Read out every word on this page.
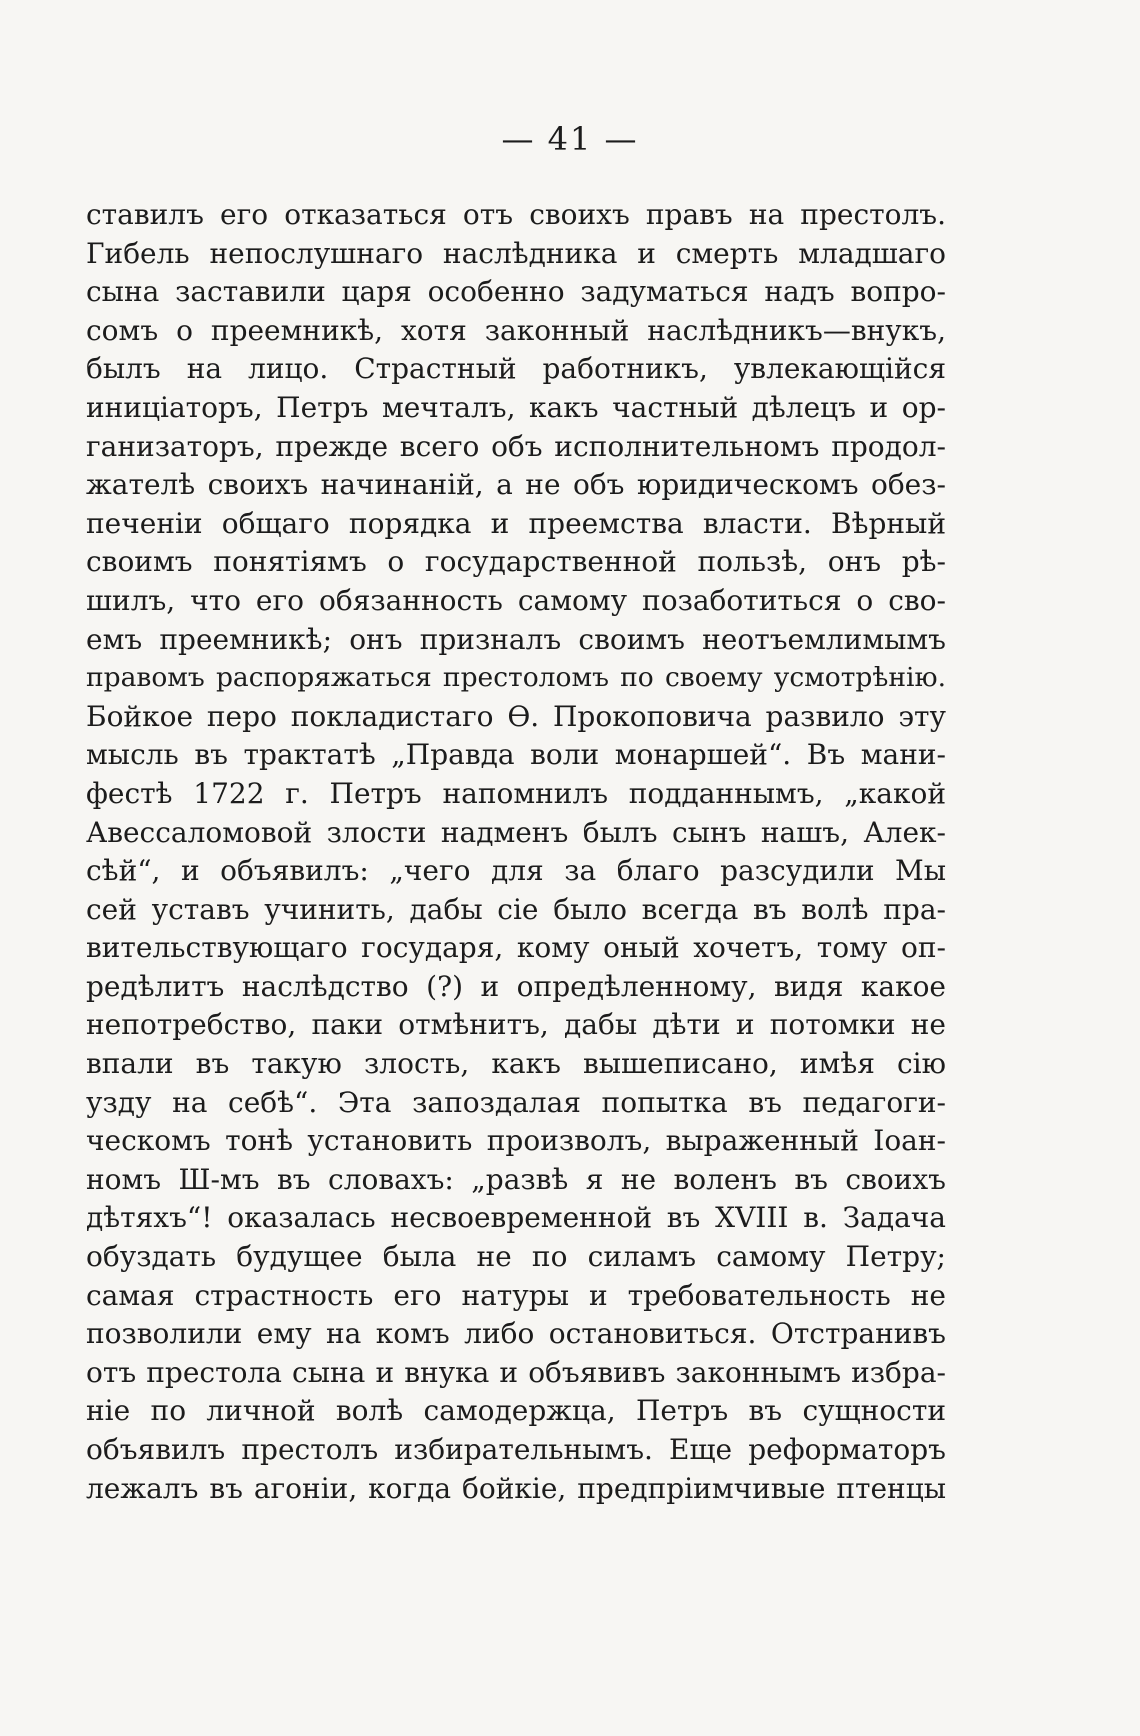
— 41 —
ставилъ его отказаться отъ своихъ правъ на престолъ.
Гибель непослушнаго наслѣдника и смерть младшаго
сына заставили царя особенно задуматься надъ вопро-
сомъ о преемникѣ, хотя законный наслѣдникъ—внукъ,
былъ на лицо. Страстный работникъ, увлекающійся
иниціаторъ, Петръ мечталъ, какъ частный дѣлецъ и ор-
ганизаторъ, прежде всего объ исполнительномъ продол-
жателѣ своихъ начинаній, а не объ юридическомъ обез-
печеніи общаго порядка и преемства власти. Вѣрный
своимъ понятіямъ о государственной пользѣ, онъ рѣ-
шилъ, что его обязанность самому позаботиться о сво-
емъ преемникѣ; онъ призналъ своимъ неотъемлимымъ
правомъ распоряжаться престоломъ по своему усмотрѣнію.
Бойкое перо покладистаго Ѳ. Прокоповича развило эту
мысль въ трактатѣ „Правда воли монаршей“. Въ мани-
фестѣ 1722 г. Петръ напомнилъ подданнымъ, „какой
Авессаломовой злости надменъ былъ сынъ нашъ, Алек-
сѣй“, и объявилъ: „чего для за благо разсудили Мы
сей уставъ учинить, дабы сіе было всегда въ волѣ пра-
вительствующаго государя, кому оный хочетъ, тому оп-
редѣлитъ наслѣдство (?) и опредѣленному, видя какое
непотребство, паки отмѣнитъ, дабы дѣти и потомки не
впали въ такую злость, какъ вышеписано, имѣя сію
узду на себѣ“. Эта запоздалая попытка въ педагоги-
ческомъ тонѣ установить произволъ, выраженный Іоан-
номъ Ш-мъ въ словахъ: „развѣ я не воленъ въ своихъ
дѣтяхъ“! оказалась несвоевременной въ XVIII в. Задача
обуздать будущее была не по силамъ самому Петру;
самая страстность его натуры и требовательность не
позволили ему на комъ либо остановиться. Отстранивъ
отъ престола сына и внука и объявивъ законнымъ избра-
ніе по личной волѣ самодержца, Петръ въ сущности
объявилъ престолъ избирательнымъ. Еще реформаторъ
лежалъ въ агоніи, когда бойкіе, предпріимчивые птенцы
